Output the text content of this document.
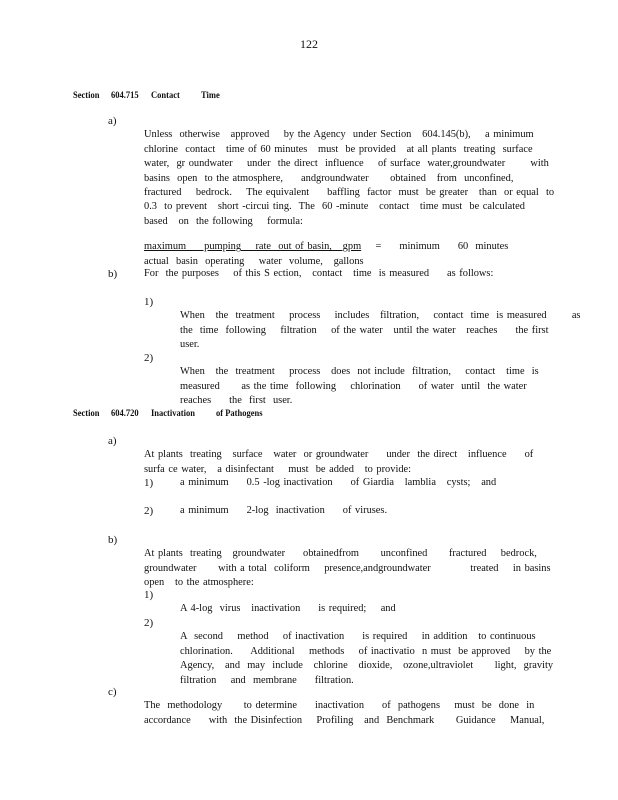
122
Section 604.715 Contact Time
a)

Unless  otherwise   approved    by the Agency  under Section   604.145(b),    a minimum
chlorine  contact   time of 60 minutes   must  be provided   at all plants  treating  surface
water,  gr oundwater    under  the direct  influence    of surface  water,groundwater       with
basins  open  to the atmosphere,     andgroundwater      obtained   from  unconfined,
fractured    bedrock.    The equivalent     baffling  factor  must  be greater   than  or equal  to
0.3  to prevent   short -circui ting.  The  60 -minute   contact   time must  be calculated
based   on  the following    formula:

maximum     pumping    rate  out of basin,   gpm = minimum     60  minutes
actual  basin  operating    water  volume,   gallons

b)	For  the purposes    of this S ection,   contact   time  is measured     as follows:
1)

When   the  treatment    process    includes   filtration,    contact  time  is measured       as
the  time  following    filtration    of the water   until the water   reaches     the first
user.

2)

When   the  treatment    process   does  not include  filtration,    contact   time  is
measured      as the time  following    chlorination     of water  until  the water
reaches     the  first  user.

Section 604.720 Inactivation of Pathogens
a)

At plants  treating   surface   water  or groundwater     under  the direct   influence     of
surfa ce water,   a disinfectant    must  be added   to provide:

1)	a minimum     0.5 -log inactivation     of Giardia   lamblia   cysts;   and
2)	a minimum     2-log  inactivation     of viruses.
b)

At plants  treating   groundwater     obtainedfrom      unconfined      fractured    bedrock,
groundwater      with a total  coliform    presence,andgroundwater           treated    in basins
open   to the atmosphere:

1)

A 4-log  virus   inactivation     is required;    and

2)

A  second    method    of inactivation     is required    in addition   to continuous
chlorination.     Additional    methods    of inactivatio  n must  be approved    by the
Agency,   and  may  include   chlorine   dioxide,   ozone,ultraviolet      light,  gravity
filtration    and  membrane     filtration.

c)

The  methodology      to determine     inactivation     of  pathogens    must  be  done  in
accordance     with  the Disinfection    Profiling   and  Benchmark      Guidance    Manual,
